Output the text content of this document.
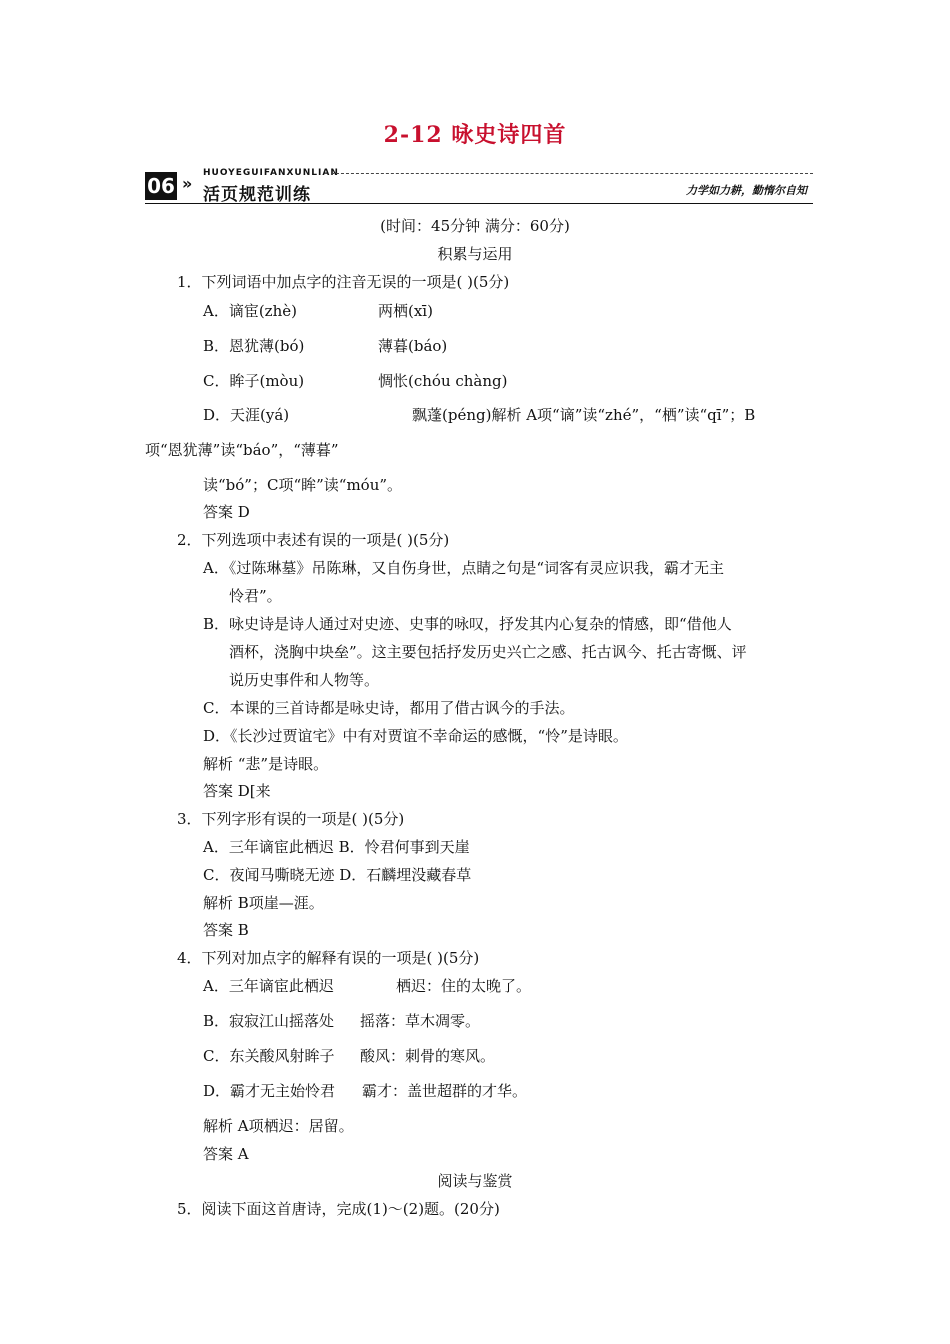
2-12 咏史诗四首
06 »
HUOYEGUIFANXUNLIAN
活页规范训练	力学如力耕，勤惰尔自知
(时间：45分钟 满分：60分)
积累与运用
1．下列词语中加点字的注音无误的一项是( )(5分)
A．谪宦(zhè)	两栖(xī)
B．恩犹薄(bó)	薄暮(báo)
C．眸子(mòu)	惆怅(chóu chàng)
D．天涯(yá)	飘蓬(péng)解析 A项“谪”读“zhé”，“栖”读“qī”；B
项“恩犹薄”读“báo”，“薄暮”
读“bó”；C项“眸”读“móu”。
答案 D
2．下列选项中表述有误的一项是( )(5分)
A．《过陈琳墓》吊陈琳，又自伤身世，点睛之句是“词客有灵应识我，霸才无主
怜君”。
B．咏史诗是诗人通过对史迹、史事的咏叹，抒发其内心复杂的情感，即“借他人
酒杯，浇胸中块垒”。这主要包括抒发历史兴亡之感、托古讽今、托古寄慨、评
说历史事件和人物等。
C．本课的三首诗都是咏史诗，都用了借古讽今的手法。
D．《长沙过贾谊宅》中有对贾谊不幸命运的感慨，“怜”是诗眼。
解析 “悲”是诗眼。
答案 D[来
3．下列字形有误的一项是( )(5分)
A．三年谪宦此栖迟 B．怜君何事到天崖
C．夜闻马嘶晓无迹 D．石麟埋没藏春草
解析 B项崖—涯。
答案 B
4．下列对加点字的解释有误的一项是( )(5分)
A．三年谪宦此栖迟	栖迟：住的太晚了。
B．寂寂江山摇落处 摇落：草木凋零。
C．东关酸风射眸子 酸风：刺骨的寒风。
D．霸才无主始怜君 霸才：盖世超群的才华。
解析 A项栖迟：居留。
答案 A
阅读与鉴赏
5．阅读下面这首唐诗，完成(1)～(2)题。(20分)
